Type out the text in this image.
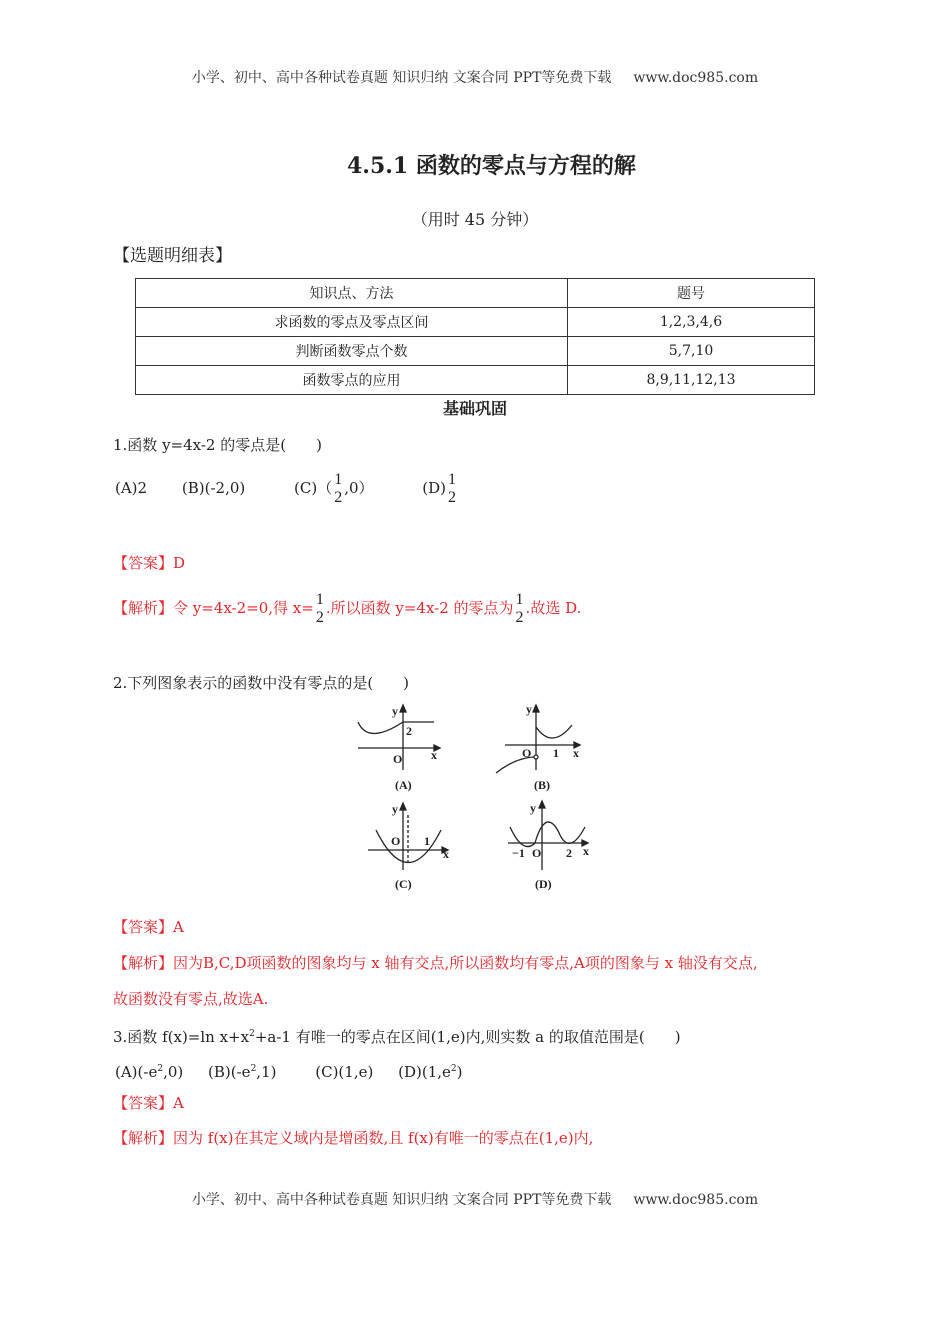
小学、初中、高中各种试卷真题 知识归纳 文案合同 PPT等免费下载 www.doc985.com
4.5.1 函数的零点与方程的解
（用时 45 分钟）
【选题明细表】
知识点、方法	题号
求函数的零点及零点区间	1,2,3,4,6
判断函数零点个数	5,7,10
函数零点的应用	8,9,11,12,13
基础巩固
1.函数 y=4x-2 的零点是(　　)
(A)2 (B)(-2,0)	(C)（ 1
2
,0）	(D) 1
2
【答案】D
【解析】令 y=4x-2=0,得 x= 1
2
.所以函数 y=4x-2 的零点为 1
2
.故选 D.
2.下列图象表示的函数中没有零点的是(　　)
y
2
O x
(A)
y
O 1 x
(B)
y
O 1
x
(C)
y
−1 O 2 x
(D)
【答案】A
【解析】因为B,C,D项函数的图象均与 x 轴有交点,所以函数均有零点,A项的图象与 x 轴没有交点,
故函数没有零点,故选A.
3.函数 f(x)=ln $x+x^2+a-1$ 有唯一的零点在区间(1,e)内,则实数 a 的取值范围是(　　)
$(A)(-e^2,0)$ $(B)(-e^2,1)$	(C)(1,e) $(D)(1,e^2)$
【答案】A
【解析】因为 f(x)在其定义域内是增函数,且 f(x)有唯一的零点在(1,e)内,
小学、初中、高中各种试卷真题 知识归纳 文案合同 PPT等免费下载 www.doc985.com
